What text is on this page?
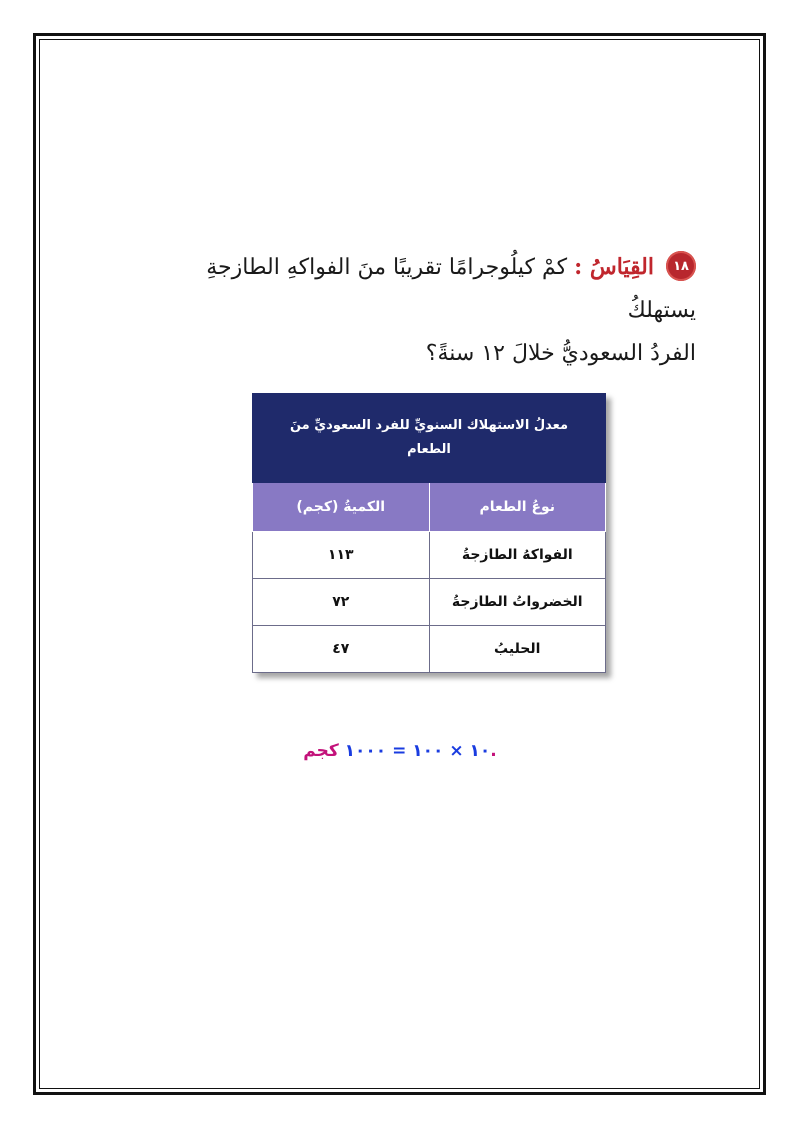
١٨القِيَاسُ : كمْ كيلُوجرامًا تقريبًا منَ الفواكهِ الطازجةِ يستهلكُ
الفردُ السعوديُّ خلالَ ١٢ سنةً؟
معدلُ الاستهلاك السنويِّ للفرد السعوديِّ منَ الطعام	
نوعُ الطعام	الكميةُ (كجم)
الفواكهُ الطازجةُ	١١٣
الخضرواتُ الطازجةُ	٧٢
الحليبُ	٤٧
١٠ × ١٠٠ = ١٠٠٠ كجم.
